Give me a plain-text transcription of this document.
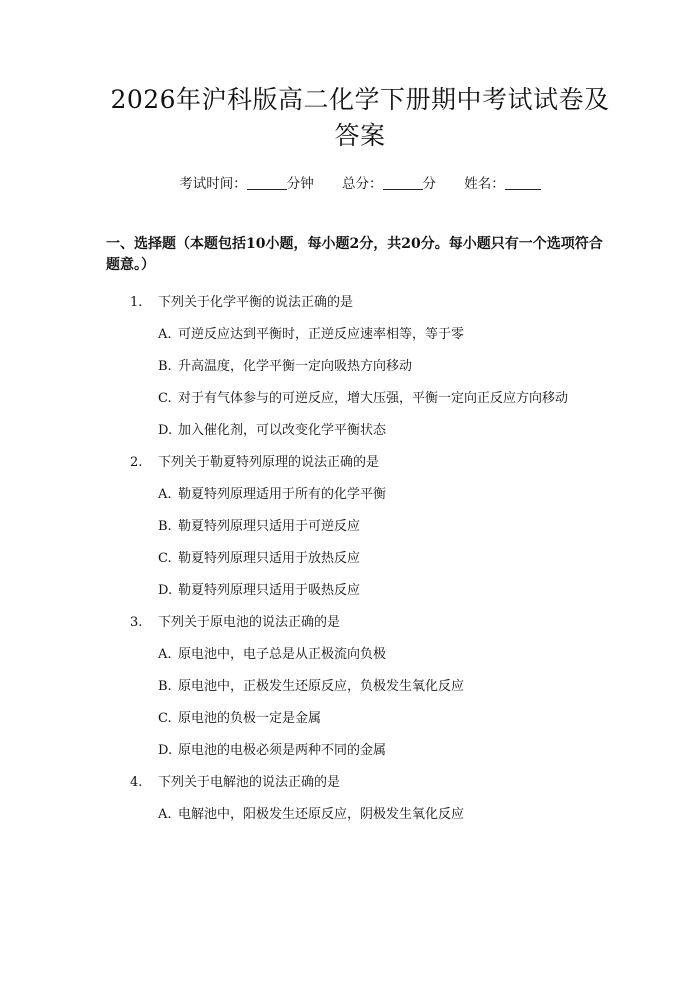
2026年沪科版高二化学下册期中考试试卷及答案
考试时间：	分钟 总分：	分 姓名：
一、选择题（本题包括10小题，每小题2分，共20分。每小题只有一个选项符合题意。）
1. 下列关于化学平衡的说法正确的是
A. 可逆反应达到平衡时，正逆反应速率相等，等于零
B. 升高温度，化学平衡一定向吸热方向移动
C. 对于有气体参与的可逆反应，增大压强，平衡一定向正反应方向移动
D. 加入催化剂，可以改变化学平衡状态
2. 下列关于勒夏特列原理的说法正确的是
A. 勒夏特列原理适用于所有的化学平衡
B. 勒夏特列原理只适用于可逆反应
C. 勒夏特列原理只适用于放热反应
D. 勒夏特列原理只适用于吸热反应
3. 下列关于原电池的说法正确的是
A. 原电池中，电子总是从正极流向负极
B. 原电池中，正极发生还原反应，负极发生氧化反应
C. 原电池的负极一定是金属
D. 原电池的电极必须是两种不同的金属
4. 下列关于电解池的说法正确的是
A. 电解池中，阳极发生还原反应，阴极发生氧化反应
